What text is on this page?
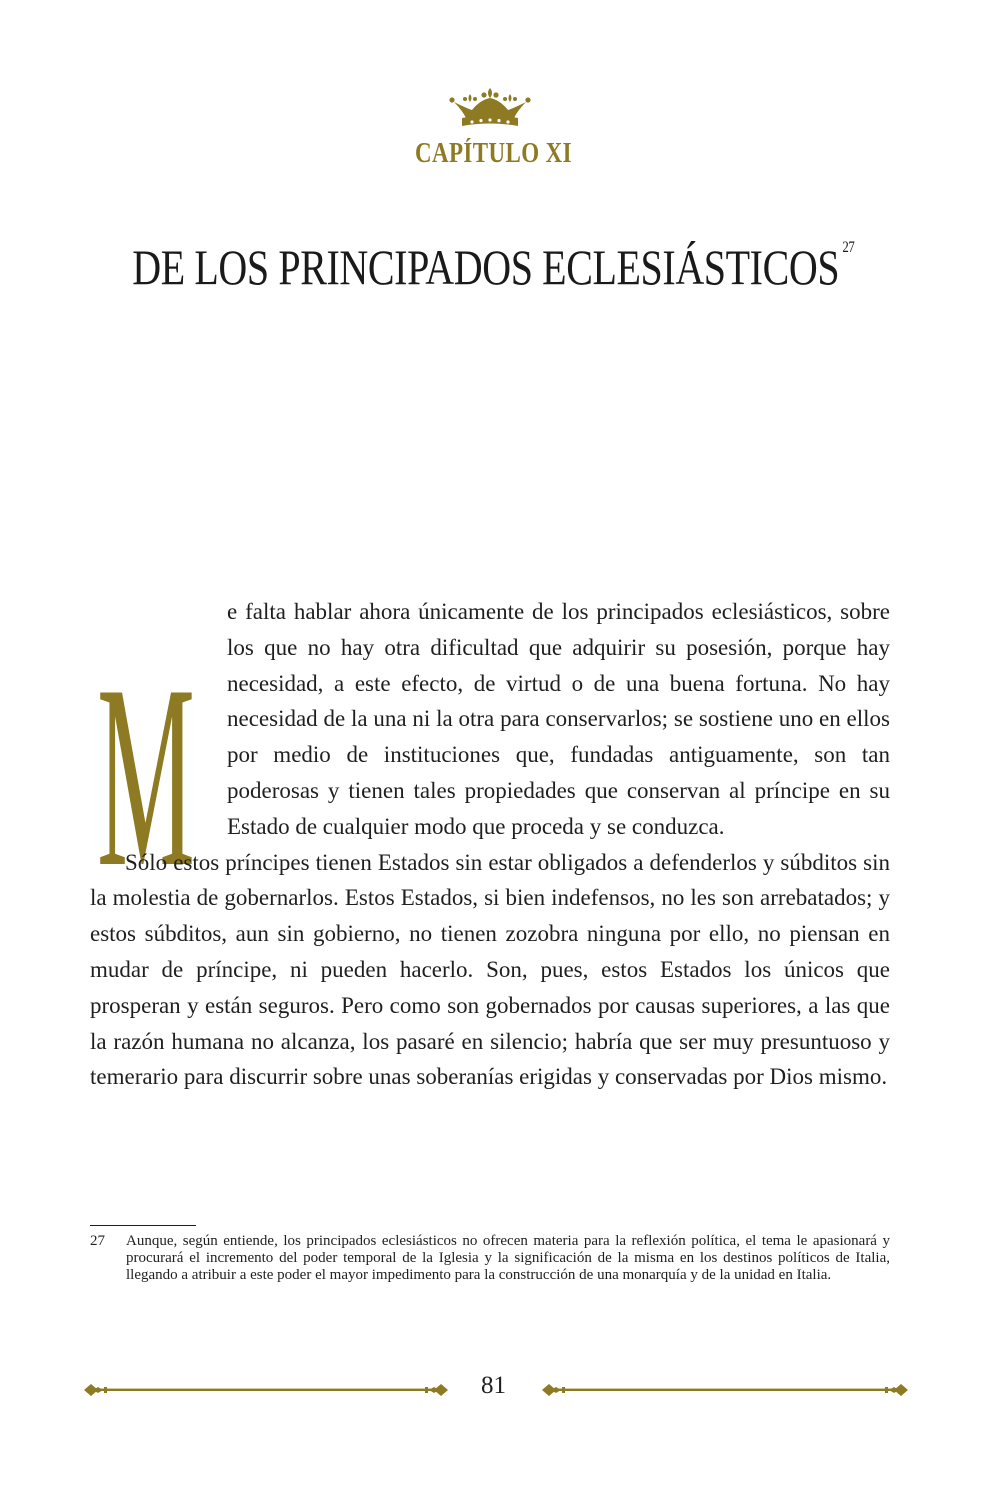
CAPÍTULO XI
DE LOS PRINCIPADOS ECLESIÁSTICOS $^{27}$
M

e falta hablar ahora únicamente de los principados eclesiásticos, sobre los que no hay otra dificultad que adquirir su posesión, porque hay necesidad, a este efecto, de virtud o de una buena fortuna. No hay necesidad de la una ni la otra para conservarlos; se sostiene uno en ellos por medio de instituciones que, fundadas antiguamente, son tan poderosas y tienen tales propiedades que conservan al príncipe en su Estado de cualquier modo que proceda y se conduzca.

Sólo estos príncipes tienen Estados sin estar obligados a defenderlos y súbditos sin la molestia de gobernarlos. Estos Estados, si bien indefensos, no les son arrebatados; y estos súbditos, aun sin gobierno, no tienen zozobra ninguna por ello, no piensan en mudar de príncipe, ni pueden hacerlo. Son, pues, estos Estados los únicos que prosperan y están seguros. Pero como son gobernados por causas superiores, a las que la razón humana no alcanza, los pasaré en silencio; habría que ser muy presuntuoso y temerario para discurrir sobre unas soberanías erigidas y conservadas por Dios mismo.

27	Aunque, según entiende, los principados eclesiásticos no ofrecen materia para la reflexión política, el tema le apasionará y procurará el incremento del poder temporal de la Iglesia y la significación de la misma en los destinos políticos de Italia, llegando a atribuir a este poder el mayor impedimento para la construcción de una monarquía y de la unidad en Italia.

81
